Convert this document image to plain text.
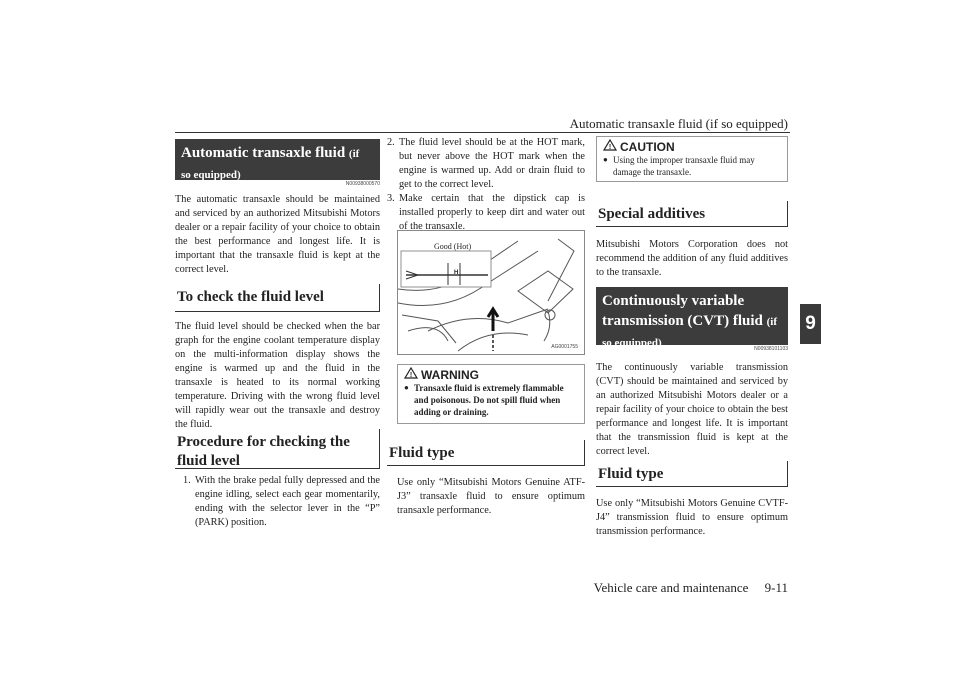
Automatic transaxle fluid (if so equipped)
Vehicle care and maintenance 9-11
9
Automatic transaxle fluid (if
so equipped)
N00938000570

The automatic transaxle should be maintained and serviced by an authorized Mitsubishi Motors dealer or a repair facility of your choice to obtain the best performance and longest life. It is important that the transaxle fluid is kept at the correct level.

To check the fluid level

The fluid level should be checked when the bar graph for the engine coolant temperature display on the multi-information display shows the engine is warmed up and the fluid in the transaxle is heated to its normal working temperature. Driving with the wrong fluid level will rapidly wear out the transaxle and destroy the fluid.

Procedure for checking the fluid level
1. With the brake pedal fully depressed and the engine idling, select each gear momentarily, ending with the selector lever in the “P” (PARK) position.
2. The fluid level should be at the HOT mark, but never above the HOT mark when the engine is warmed up. Add or drain fluid to get to the correct level.
3. Make certain that the dipstick cap is installed properly to keep dirt and water out of the transaxle.
Good (Hot)
H
AG0001755
! WARNING
● Transaxle fluid is extremely flammable and poisonous. Do not spill fluid when adding or draining.
Fluid type

Use only “Mitsubishi Motors Genuine ATF-J3” transaxle fluid to ensure optimum transaxle performance.

! CAUTION
● Using the improper transaxle fluid may damage the transaxle.
Special additives

Mitsubishi Motors Corporation does not recommend the addition of any fluid additives to the transaxle.

Continuously variable
transmission (CVT) fluid (if
so equipped)	N00938101103

The continuously variable transmission (CVT) should be maintained and serviced by an authorized Mitsubishi Motors dealer or a repair facility of your choice to obtain the best performance and longest life. It is important that the transmission fluid is kept at the correct level.

Fluid type

Use only “Mitsubishi Motors Genuine CVTF-J4” transmission fluid to ensure optimum transmission performance.
